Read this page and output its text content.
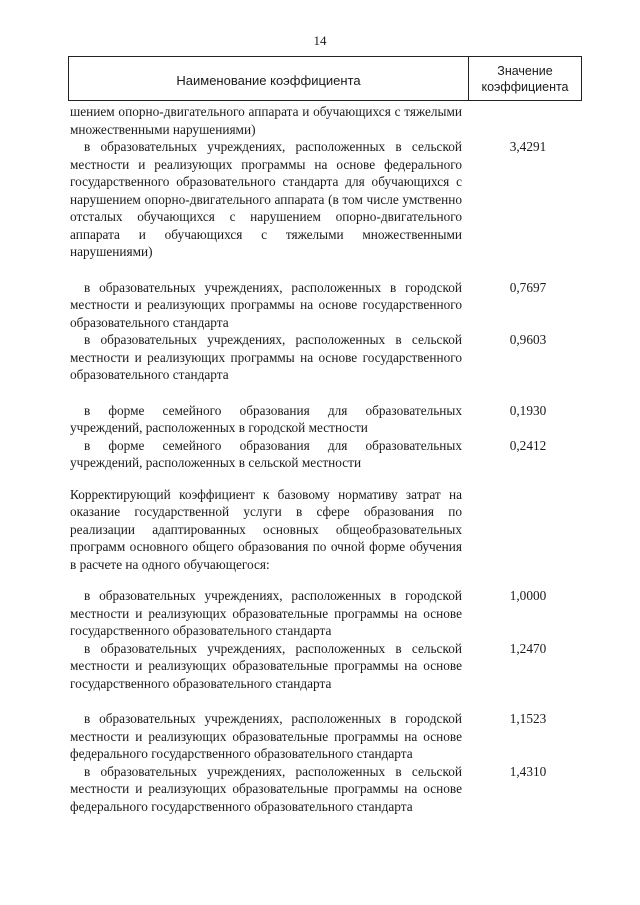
14
Наименование коэффициента
Значение
коэффициента
шением опорно-двигательного аппарата и обучающихся с тяжелыми множественными нарушениями)
в образовательных учреждениях, расположенных в сельской местности и реализующих программы на основе федерального государственного образовательного стандарта для обучающихся с нарушением опорно-двигательного аппарата (в том числе умственно отсталых обучающихся с нарушением опорно-двигательного аппарата и обучающихся с тяжелыми множественными нарушениями)
3,4291
в образовательных учреждениях, расположенных в городской местности и реализующих программы на основе государственного образовательного стандарта
0,7697
в образовательных учреждениях, расположенных в сельской местности и реализующих программы на основе государственного образовательного стандарта
0,9603
в форме семейного образования для образовательных учреждений, расположенных в городской местности
0,1930
в форме семейного образования для образовательных учреждений, расположенных в сельской местности
0,2412
Корректирующий коэффициент к базовому нормативу затрат на оказание государственной услуги в сфере образования по реализации адаптированных основных общеобразовательных программ основного общего образования по очной форме обучения в расчете на одного обучающегося:
в образовательных учреждениях, расположенных в городской местности и реализующих образовательные программы на основе государственного образовательного стандарта
1,0000
в образовательных учреждениях, расположенных в сельской местности и реализующих образовательные программы на основе государственного образовательного стандарта
1,2470
в образовательных учреждениях, расположенных в городской местности и реализующих образовательные программы на основе федерального государственного образовательного стандарта
1,1523
в образовательных учреждениях, расположенных в сельской местности и реализующих образовательные программы на основе федерального государственного образовательного стандарта
1,4310
